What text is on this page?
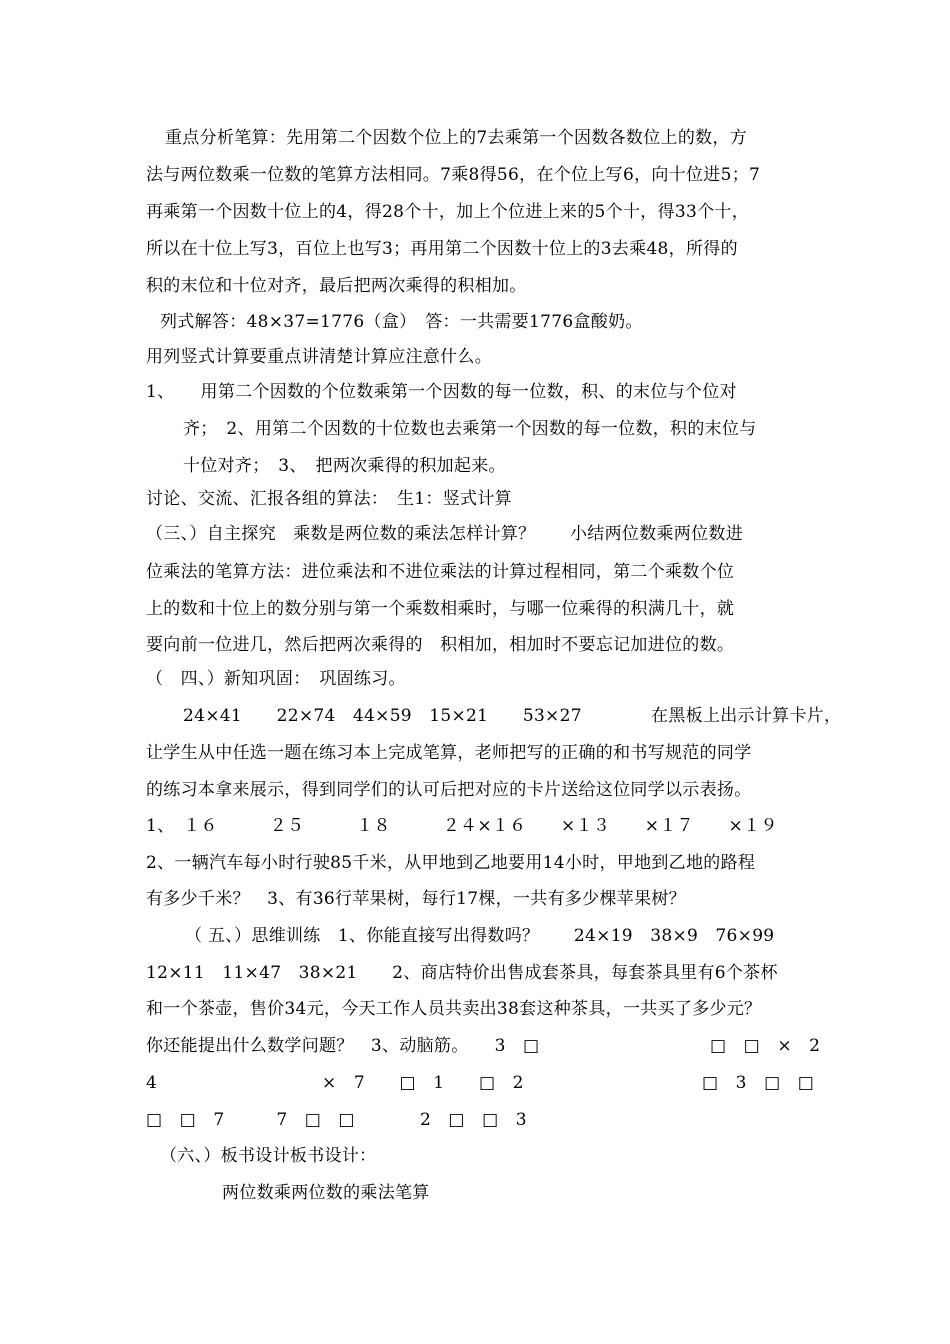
重点分析笔算：先用第二个因数个位上的7去乘第一个因数各数位上的数，方
法与两位数乘一位数的笔算方法相同。7乘8得56，在个位上写6，向十位进5；7
再乘第一个因数十位上的4，得28个十，加上个位进上来的5个十，得33个十，
所以在十位上写3，百位上也写3；再用第二个因数十位上的3去乘48，所得的
积的末位和十位对齐，最后把两次乘得的积相加。
列式解答：48×37=1776（盒）　答：一共需要1776盒酸奶。
用列竖式计算要重点讲清楚计算应注意什么。
1、　　用第二个因数的个位数乘第一个因数的每一位数，积、的末位与个位对
齐；　2、用第二个因数的十位数也去乘第一个因数的每一位数，积的末位与
十位对齐；　3、　把两次乘得的积加起来。
讨论、交流、汇报各组的算法：　生1：竖式计算
（三、）自主探究　乘数是两位数的乘法怎样计算？　　小结两位数乘两位数进
位乘法的笔算方法：进位乘法和不进位乘法的计算过程相同，第二个乘数个位
上的数和十位上的数分别与第一个乘数相乘时，与哪一位乘得的积满几十，就
要向前一位进几，然后把两次乘得的　积相加，相加时不要忘记加进位的数。
（　四、）新知巩固：　巩固练习。
24×41　　22×74　44×59　15×21　　53×27　　　　在黑板上出示计算卡片，
让学生从中任选一题在练习本上完成笔算，老师把写的正确的和书写规范的同学
的练习本拿来展示，得到同学们的认可后把对应的卡片送给这位同学以示表扬。
1、　１６　　　２５　　　１８　　　２４×１６　　×１３　　×１７　　×１９
2、一辆汽车每小时行驶85千米，从甲地到乙地要用14小时，甲地到乙地的路程
有多少千米？　3、有36行苹果树，每行17棵，一共有多少棵苹果树？
（ 五、）思维训练　1、你能直接写出得数吗？　　24×19　38×9　76×99
12×11　11×47　38×21　　2、商店特价出售成套茶具，每套茶具里有6个茶杯
和一个茶壶，售价34元，今天工作人员共卖出38套这种茶具，一共买了多少元？
你还能提出什么数学问题？　3、动脑筋。　　3　□	□　□　×　2
4	×　7　　□　1　　□　2	□　3　□　□
□　□　7　　　7　□　□	2　□　□　3
（六、）板书设计板书设计：
两位数乘两位数的乘法笔算
